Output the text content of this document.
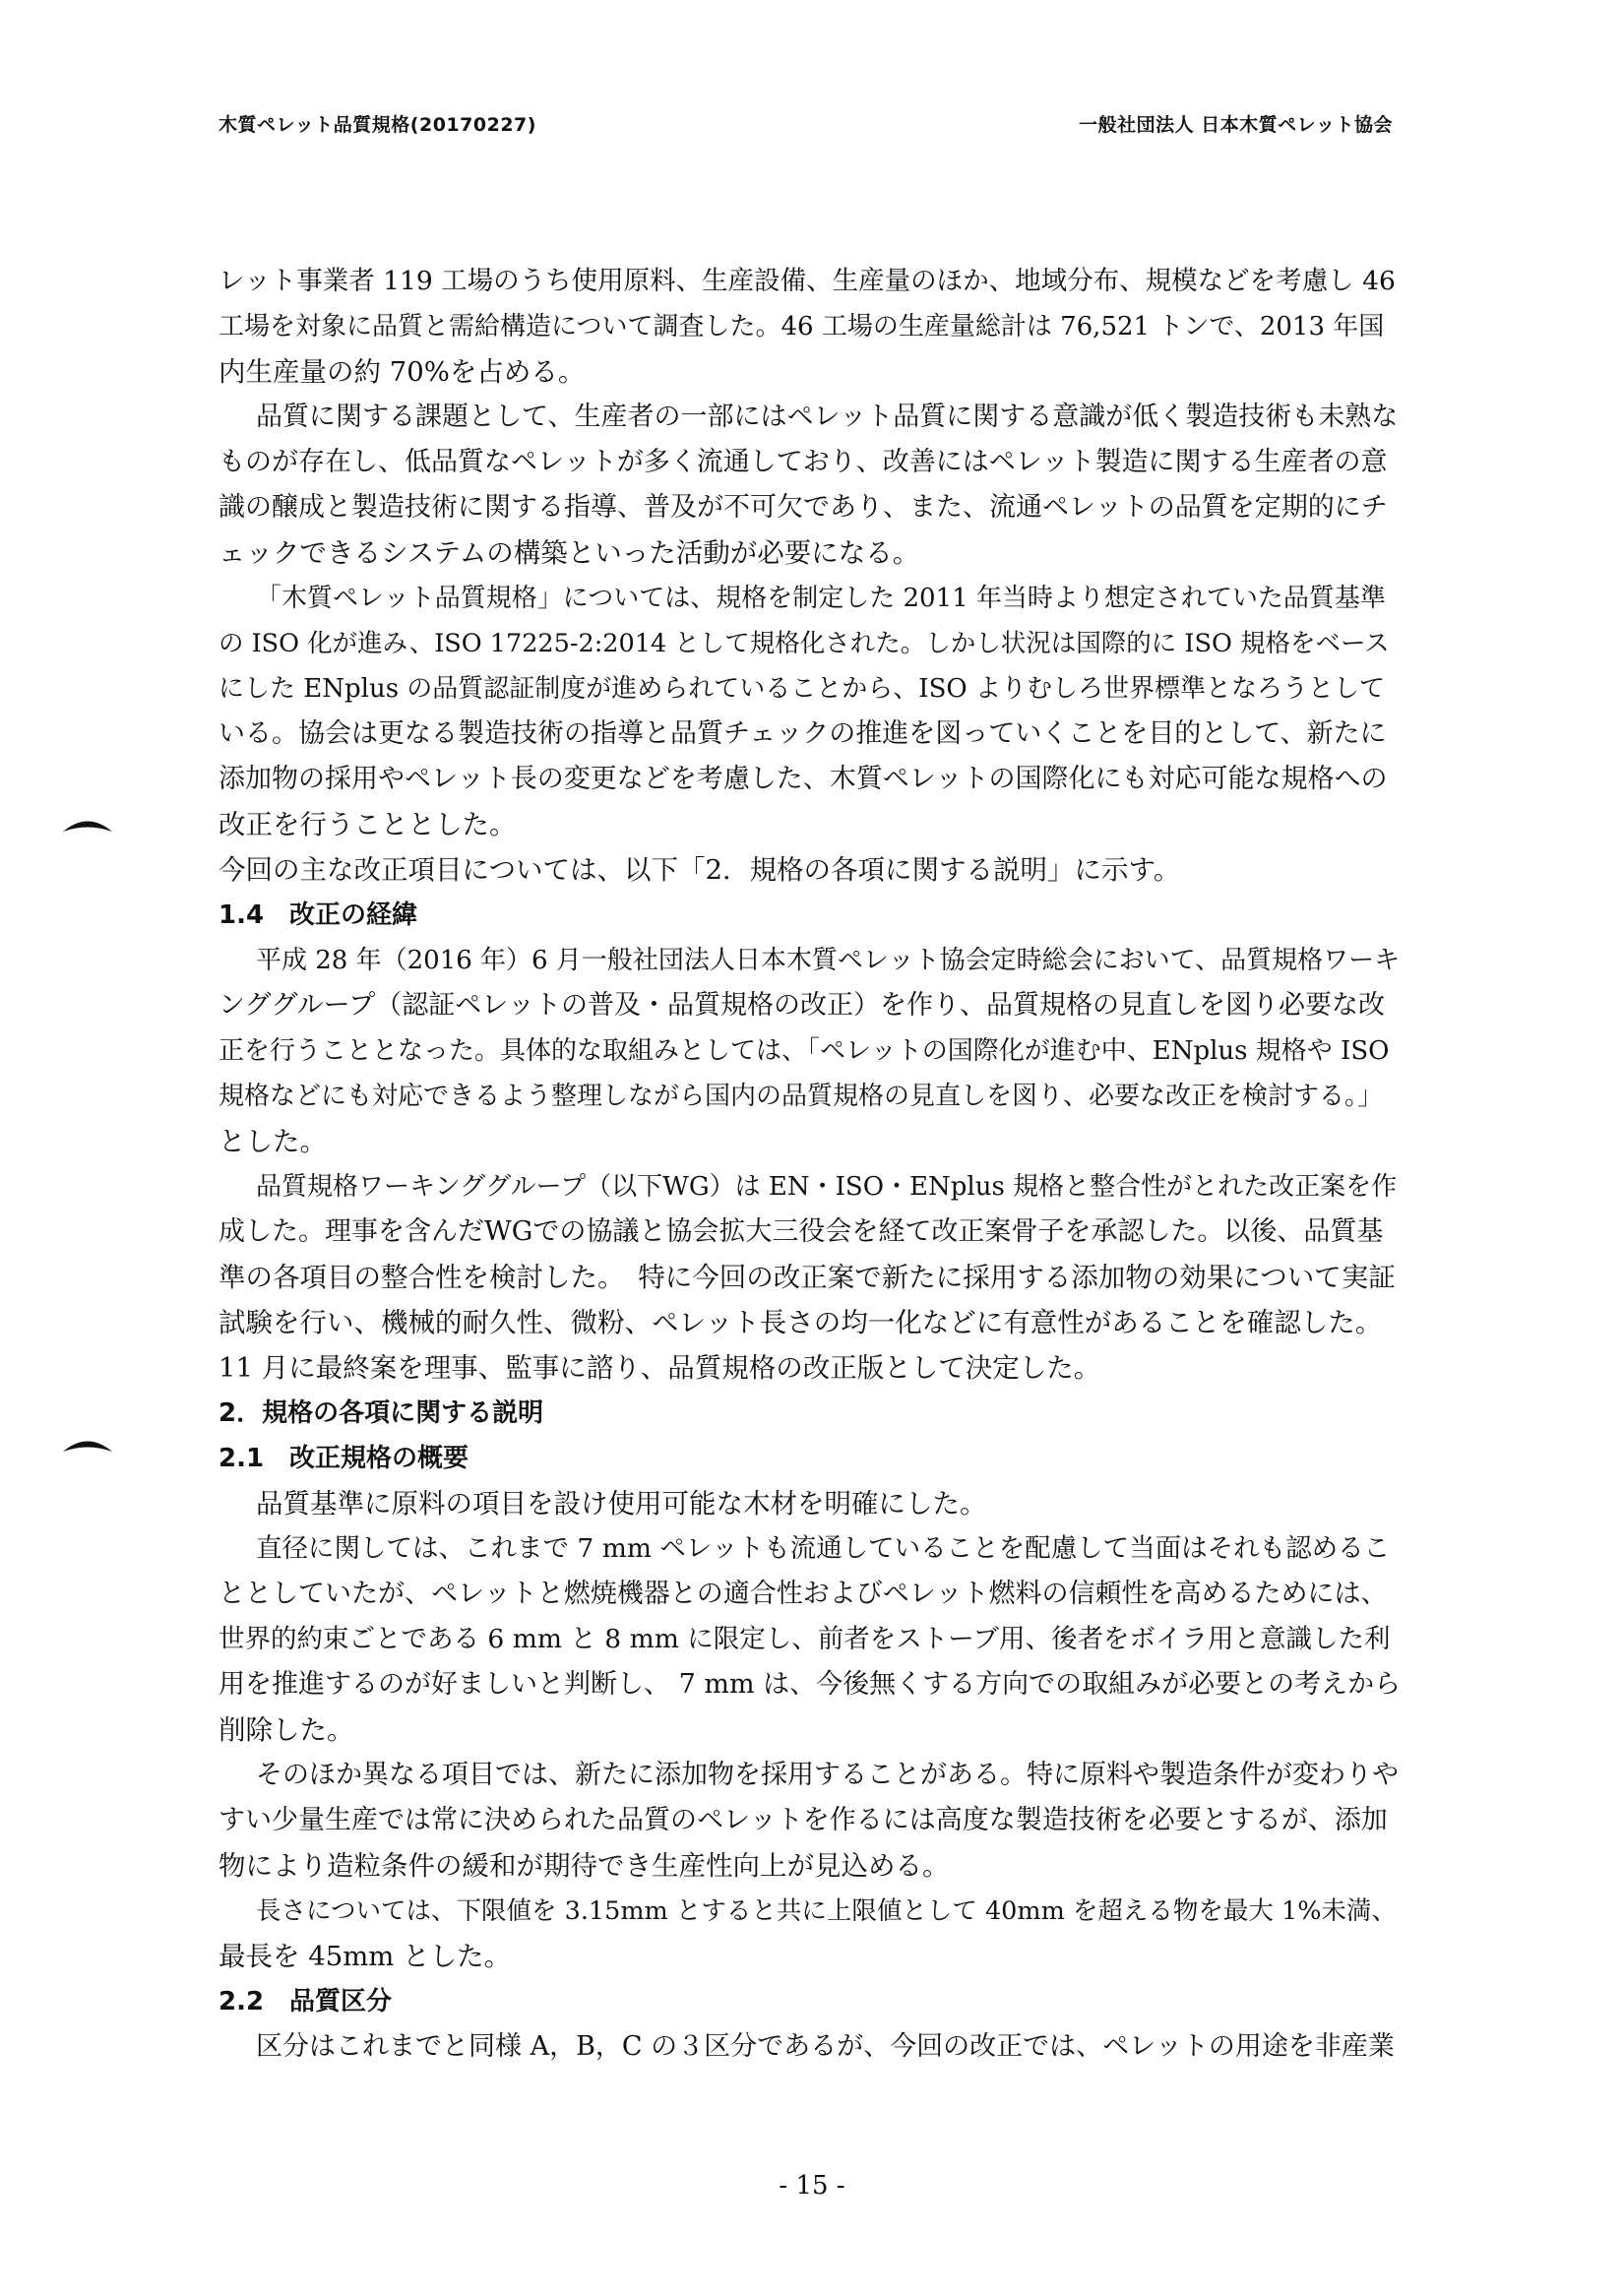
木質ペレット品質規格(20170227)	一般社団法人 日本木質ペレット協会
レット事業者 119 工場のうち使用原料、生産設備、生産量のほか、地域分布、規模などを考慮し 46
工場を対象に品質と需給構造について調査した。46 工場の生産量総計は 76,521 トンで、2013 年国
内生産量の約 70%を占める。
品質に関する課題として、生産者の一部にはペレット品質に関する意識が低く製造技術も未熟な
ものが存在し、低品質なペレットが多く流通しており、改善にはペレット製造に関する生産者の意
識の醸成と製造技術に関する指導、普及が不可欠であり、また、流通ペレットの品質を定期的にチ
ェックできるシステムの構築といった活動が必要になる。
「木質ペレット品質規格」については、規格を制定した 2011 年当時より想定されていた品質基準
の ISO 化が進み、ISO 17225-2:2014 として規格化された。しかし状況は国際的に ISO 規格をベース
にした ENplus の品質認証制度が進められていることから、ISO よりむしろ世界標準となろうとして
いる。協会は更なる製造技術の指導と品質チェックの推進を図っていくことを目的として、新たに
添加物の採用やペレット長の変更などを考慮した、木質ペレットの国際化にも対応可能な規格への
改正を行うこととした。
今回の主な改正項目については、以下「2．規格の各項に関する説明」に示す。
1.4　改正の経緯
平成 28 年（2016 年）6 月一般社団法人日本木質ペレット協会定時総会において、品質規格ワーキ
ンググループ（認証ペレットの普及・品質規格の改正）を作り、品質規格の見直しを図り必要な改
正を行うこととなった。具体的な取組みとしては、「ペレットの国際化が進む中、ENplus 規格や ISO
規格などにも対応できるよう整理しながら国内の品質規格の見直しを図り、必要な改正を検討する。」
とした。
品質規格ワーキンググループ（以下WG）は EN・ISO・ENplus 規格と整合性がとれた改正案を作
成した。理事を含んだWGでの協議と協会拡大三役会を経て改正案骨子を承認した。以後、品質基
準の各項目の整合性を検討した。　特に今回の改正案で新たに採用する添加物の効果について実証
試験を行い、機械的耐久性、微粉、ペレット長さの均一化などに有意性があることを確認した。
11 月に最終案を理事、監事に諮り、品質規格の改正版として決定した。
2．規格の各項に関する説明
2.1　改正規格の概要
品質基準に原料の項目を設け使用可能な木材を明確にした。
直径に関しては、これまで 7 mm ペレットも流通していることを配慮して当面はそれも認めるこ
ととしていたが、ペレットと燃焼機器との適合性およびペレット燃料の信頼性を高めるためには、
世界的約束ごとである 6 mm と 8 mm に限定し、前者をストーブ用、後者をボイラ用と意識した利
用を推進するのが好ましいと判断し、 7 mm は、今後無くする方向での取組みが必要との考えから
削除した。
そのほか異なる項目では、新たに添加物を採用することがある。特に原料や製造条件が変わりや
すい少量生産では常に決められた品質のペレットを作るには高度な製造技術を必要とするが、添加
物により造粒条件の緩和が期待でき生産性向上が見込める。
長さについては、下限値を 3.15mm とすると共に上限値として 40mm を超える物を最大 1%未満、
最長を 45mm とした。
2.2　品質区分
区分はこれまでと同様 A，B，C の３区分であるが、今回の改正では、ペレットの用途を非産業
- 15 -
